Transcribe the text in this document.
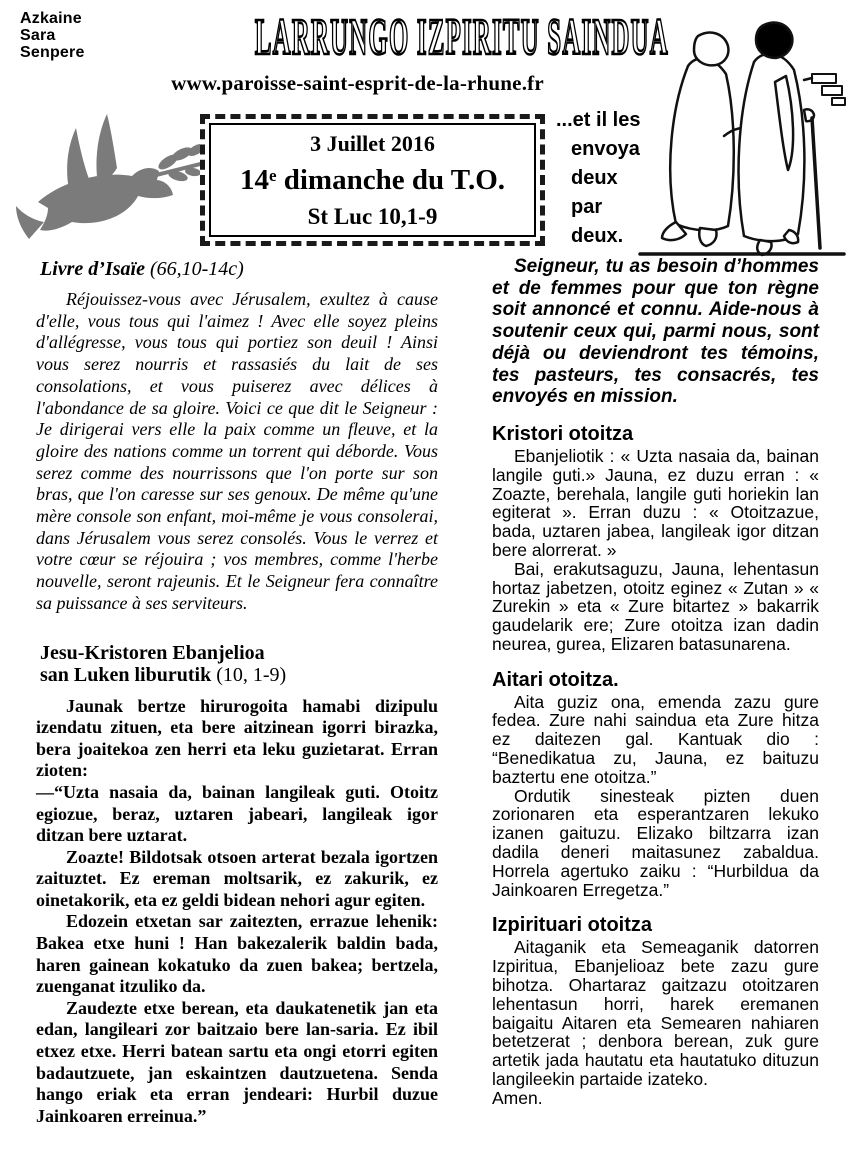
Azkaine
Sara
Senpere	LARRUNGO IZPIRITU SAINDUA
www.paroisse-saint-esprit-de-la-rhune.fr
3 Juillet 2016
14e dimanche du T.O.
St Luc 10,1-9
...et il les
envoya
deux
par
deux.
Livre d’Isaïe (66,10-14c)

Réjouissez-vous avec Jérusalem, exultez à cause d'elle, vous tous qui l'aimez ! Avec elle soyez pleins d'allégresse, vous tous qui portiez son deuil ! Ainsi vous serez nourris et rassasiés du lait de ses consolations, et vous puiserez avec délices à l'abondance de sa gloire. Voici ce que dit le Seigneur : Je dirigerai vers elle la paix comme un fleuve, et la gloire des nations comme un torrent qui déborde. Vous serez comme des nourrissons que l'on porte sur son bras, que l'on caresse sur ses genoux. De même qu'une mère console son enfant, moi-même je vous consolerai, dans Jérusalem vous serez consolés. Vous le verrez et votre cœur se réjouira ; vos membres, comme l'herbe nouvelle, seront rajeunis. Et le Seigneur fera connaître sa puissance à ses serviteurs.

Jesu-Kristoren Ebanjelioa
san Luken liburutik (10, 1-9)

Jaunak bertze hirurogoita hamabi dizipulu izendatu zituen, eta bere aitzinean igorri birazka, bera joaitekoa zen herri eta leku guzietarat. Erran zioten:

—“Uzta nasaia da, bainan langileak guti. Otoitz egiozue, beraz, uztaren jabeari, langileak igor ditzan bere uztarat.

Zoazte! Bildotsak otsoen arterat bezala igortzen zaituztet. Ez ereman moltsarik, ez zakurik, ez oinetakorik, eta ez geldi bidean nehori agur egiten.

Edozein etxetan sar zaitezten, errazue lehenik: Bakea etxe huni ! Han bakezalerik baldin bada, haren gainean kokatuko da zuen bakea; bertzela, zuenganat itzuliko da.

Zaudezte etxe berean, eta daukatenetik jan eta edan, langileari zor baitzaio bere lan-saria. Ez ibil etxez etxe. Herri batean sartu eta ongi etorri egiten badautzuete, jan eskaintzen dautzuetena. Senda hango eriak eta erran jendeari: Hurbil duzue Jainkoaren erreinua.”

Seigneur, tu as besoin d’hommes et de femmes pour que ton règne soit annoncé et connu. Aide-nous à soutenir ceux qui, parmi nous, sont déjà ou deviendront tes témoins, tes pasteurs, tes consacrés, tes envoyés en mission.

Kristori otoitza

Ebanjeliotik : « Uzta nasaia da, bainan langile guti.» Jauna, ez duzu erran : « Zoazte, berehala, langile guti horiekin lan egiterat ». Erran duzu : « Otoitzazue, bada, uztaren jabea, langileak igor ditzan bere alorrerat. »

Bai, erakutsaguzu, Jauna, lehentasun hortaz jabetzen, otoitz eginez « Zutan » « Zurekin » eta « Zure bitartez » bakarrik gaudelarik ere; Zure otoitza izan dadin neurea, gurea, Elizaren batasunarena.

Aitari otoitza.

Aita guziz ona, emenda zazu gure fedea. Zure nahi saindua eta Zure hitza ez daitezen gal. Kantuak dio : “Benedikatua zu, Jauna, ez baituzu baztertu ene otoitza.”

Ordutik sinesteak pizten duen zorionaren eta esperantzaren lekuko izanen gaituzu. Elizako biltzarra izan dadila deneri maitasunez zabaldua. Horrela agertuko zaiku : “Hurbildua da Jainkoaren Erregetza.”

Izpirituari otoitza

Aitaganik eta Semeaganik datorren Izpiritua, Ebanjelioaz bete zazu gure bihotza. Ohartaraz gaitzazu otoitzaren lehentasun horri, harek eremanen baigaitu Aitaren eta Semearen nahiaren betetzerat ; denbora berean, zuk gure artetik jada hautatu eta hautatuko dituzun langileekin partaide izateko.

Amen.
